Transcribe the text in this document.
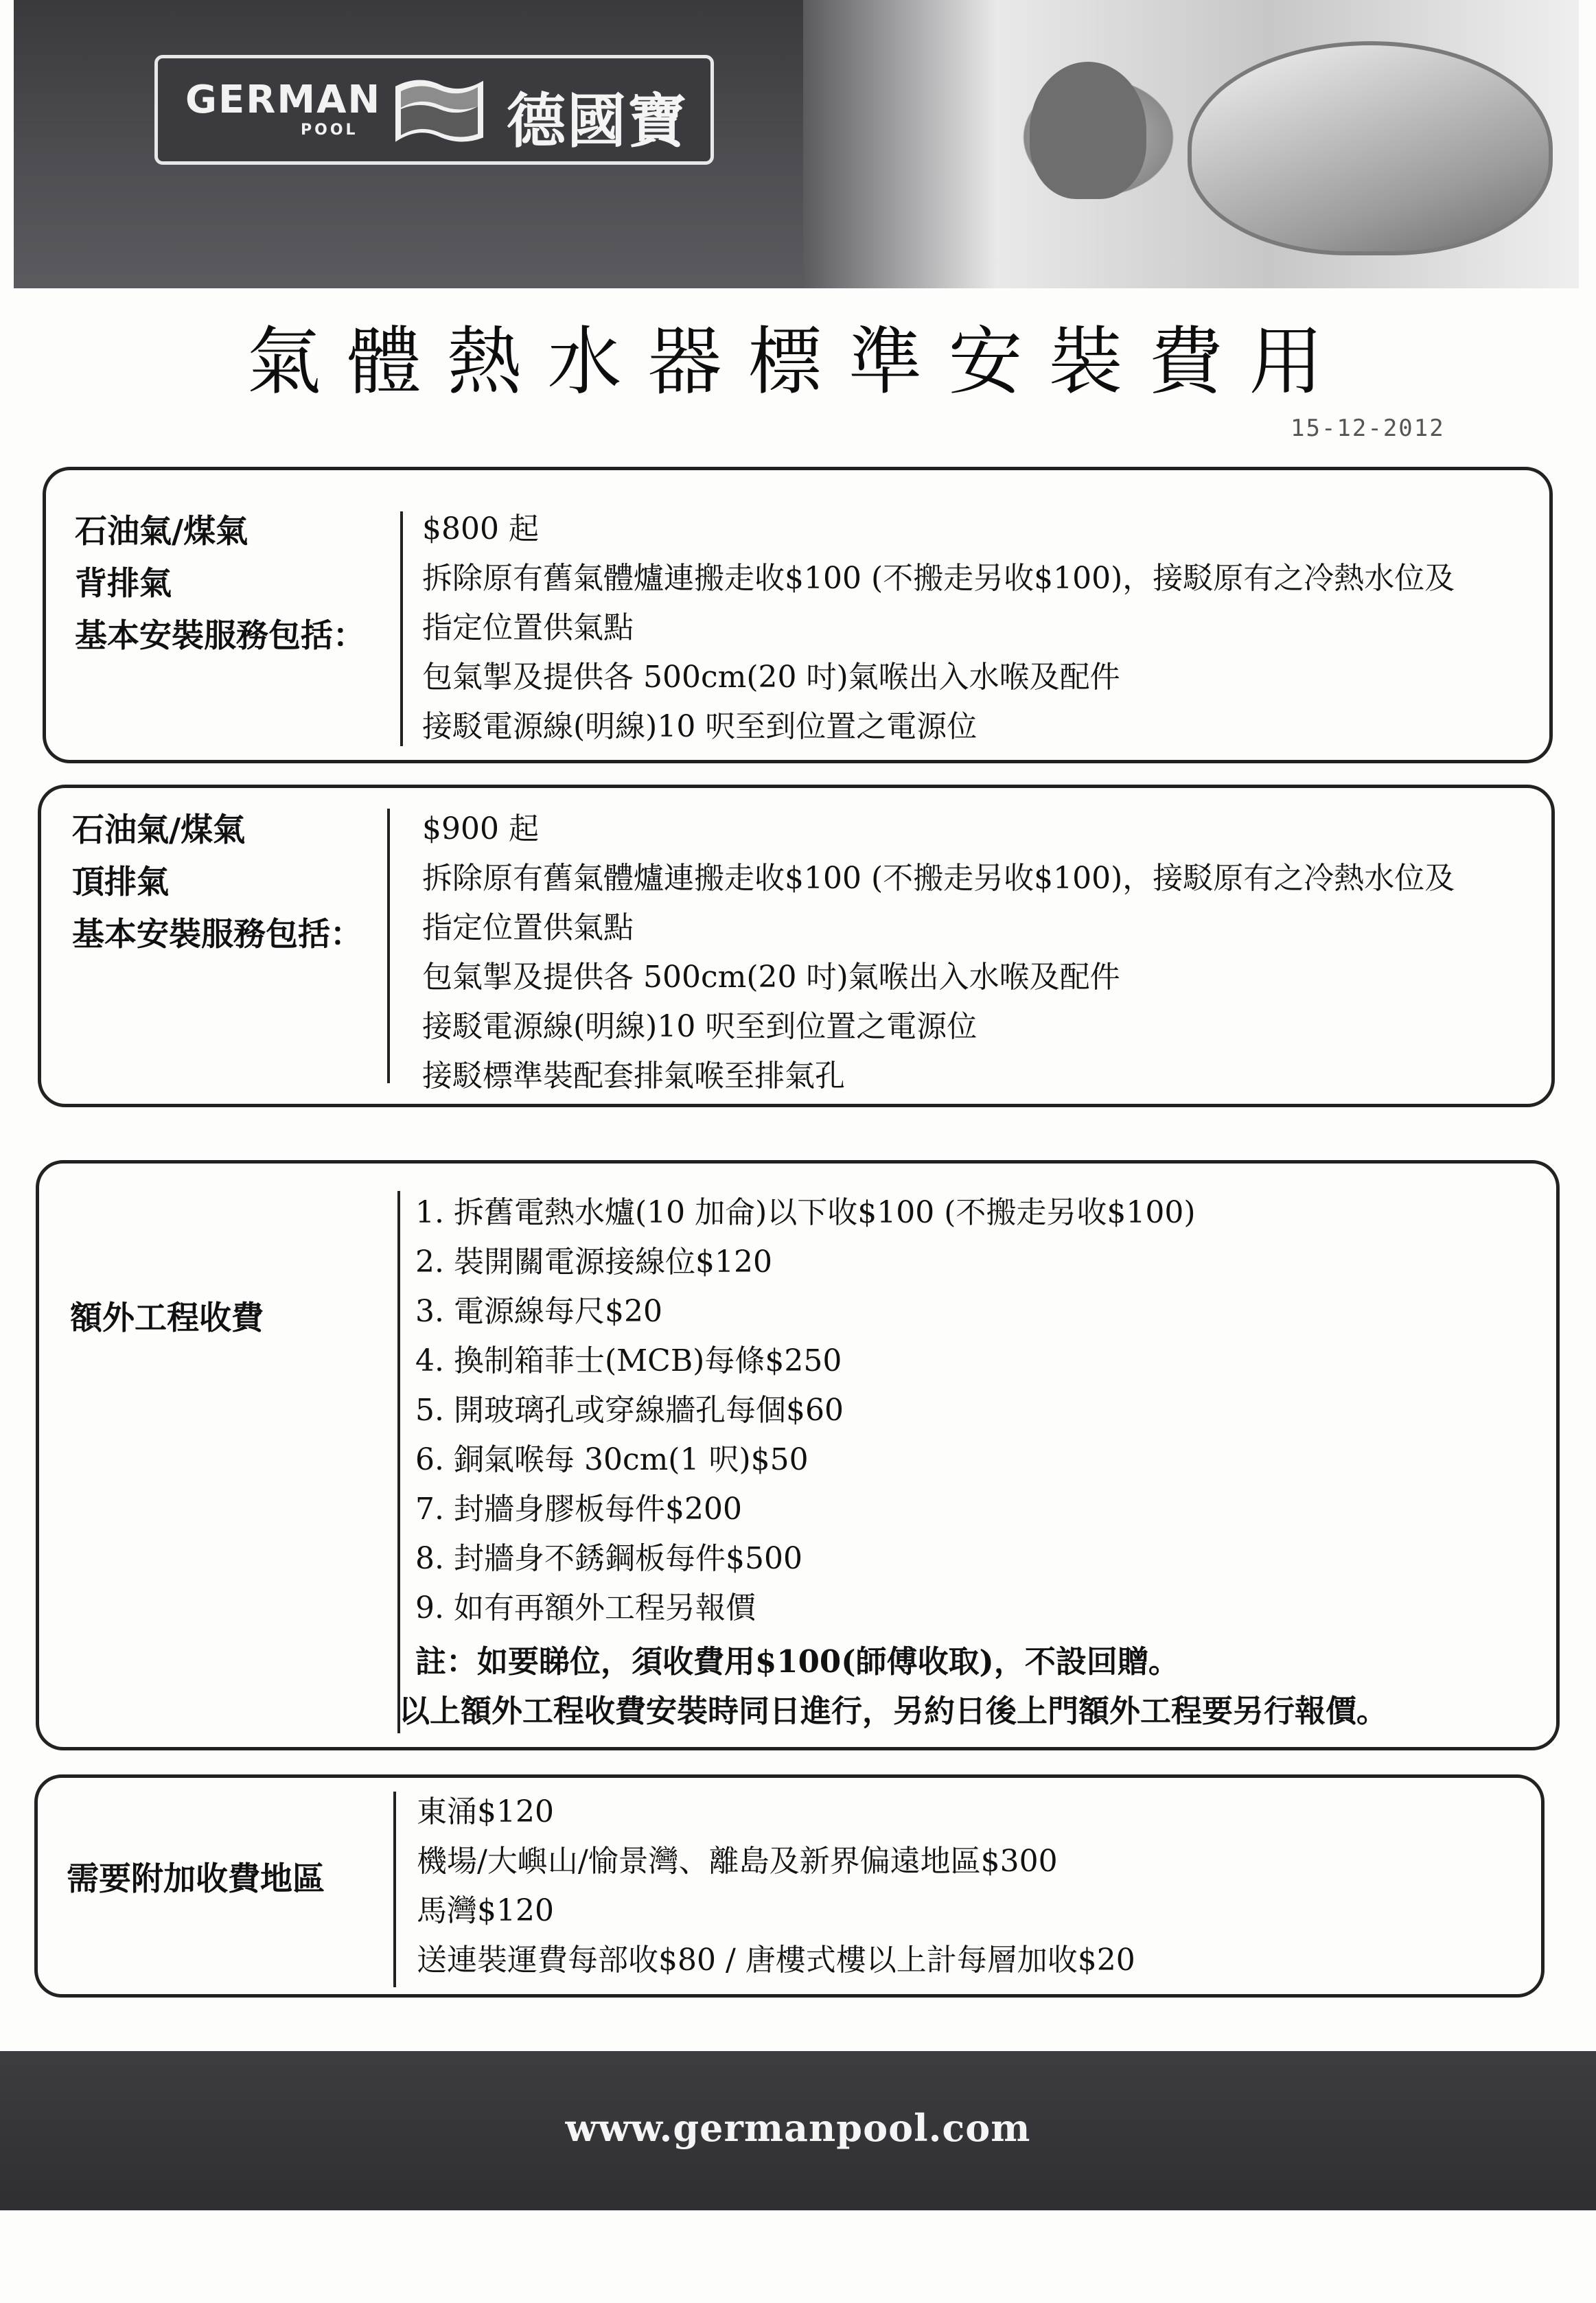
GERMAN
POOL	德國寶
氣體熱水器標準安裝費用
15-12-2012
石油氣/煤氣
背排氣
基本安裝服務包括：
$800 起
拆除原有舊氣體爐連搬走收$100 (不搬走另收$100)，接駁原有之冷熱水位及
指定位置供氣點
包氣掣及提供各 500cm(20 吋)氣喉出入水喉及配件
接駁電源線(明線)10 呎至到位置之電源位
石油氣/煤氣
頂排氣
基本安裝服務包括：
$900 起
拆除原有舊氣體爐連搬走收$100 (不搬走另收$100)，接駁原有之冷熱水位及
指定位置供氣點
包氣掣及提供各 500cm(20 吋)氣喉出入水喉及配件
接駁電源線(明線)10 呎至到位置之電源位
接駁標準裝配套排氣喉至排氣孔
額外工程收費
1. 拆舊電熱水爐(10 加侖)以下收$100 (不搬走另收$100)
2. 裝開關電源接線位$120
3. 電源線每尺$20
4. 換制箱菲士(MCB)每條$250
5. 開玻璃孔或穿線牆孔每個$60
6. 銅氣喉每 30cm(1 呎)$50
7. 封牆身膠板每件$200
8. 封牆身不銹鋼板每件$500
9. 如有再額外工程另報價
註：如要睇位，須收費用$100(師傅收取)，不設回贈。
以上額外工程收費安裝時同日進行，另約日後上門額外工程要另行報價。
需要附加收費地區
東涌$120
機場/大嶼山/愉景灣、離島及新界偏遠地區$300
馬灣$120
送連裝運費每部收$80 / 唐樓式樓以上計每層加收$20
www.germanpool.com
